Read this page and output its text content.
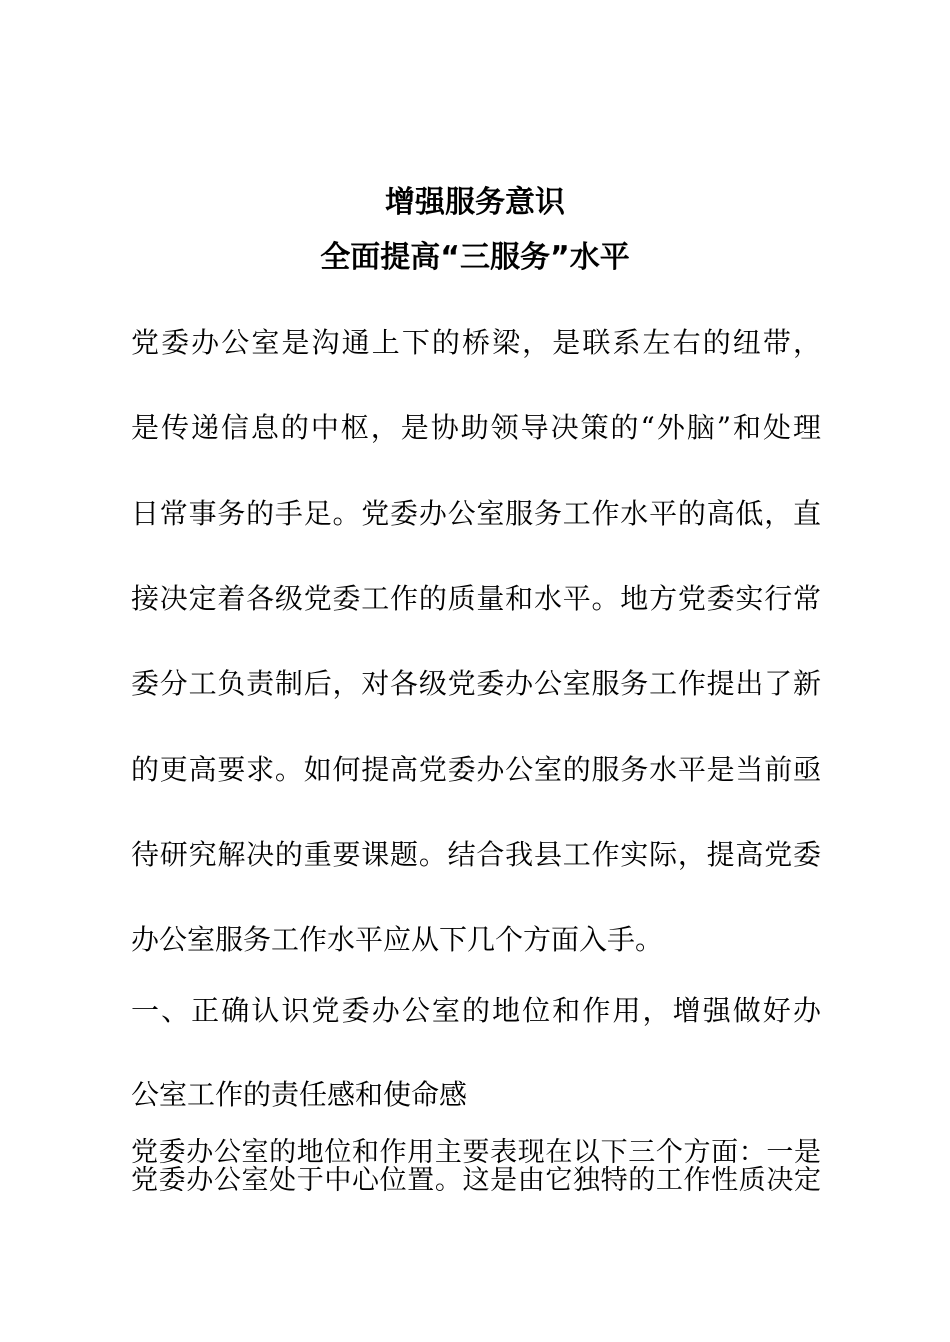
增强服务意识
全面提高“三服务”水平
党委办公室是沟通上下的桥梁，是联系左右的纽带，
是传递信息的中枢，是协助领导决策的“外脑”和处理
日常事务的手足。党委办公室服务工作水平的高低，直
接决定着各级党委工作的质量和水平。地方党委实行常
委分工负责制后，对各级党委办公室服务工作提出了新
的更高要求。如何提高党委办公室的服务水平是当前亟
待研究解决的重要课题。结合我县工作实际，提高党委
办公室服务工作水平应从下几个方面入手。
一、正确认识党委办公室的地位和作用，增强做好办
公室工作的责任感和使命感
党委办公室的地位和作用主要表现在以下三个方面：一是
党委办公室处于中心位置。这是由它独特的工作性质决定
